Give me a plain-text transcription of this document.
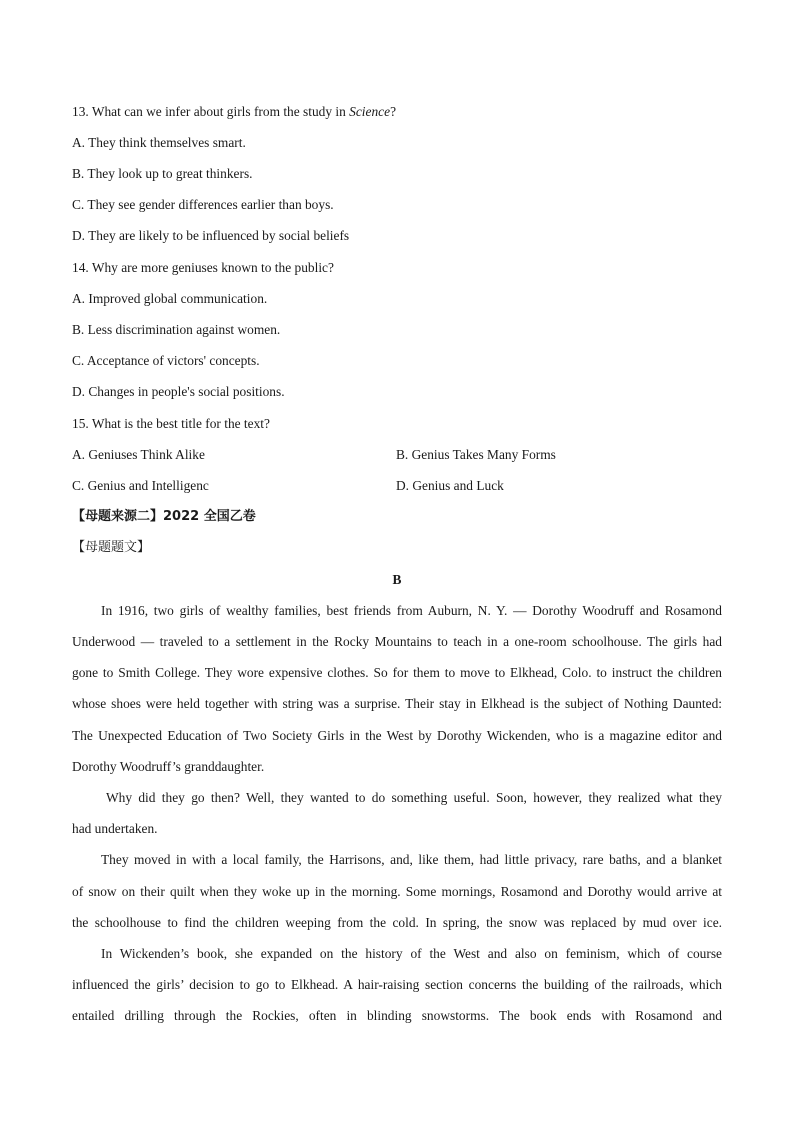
13. What can we infer about girls from the study in Science?
A. They think themselves smart.
B. They look up to great thinkers.
C. They see gender differences earlier than boys.
D. They are likely to be influenced by social beliefs
14. Why are more geniuses known to the public?
A. Improved global communication.
B. Less discrimination against women.
C. Acceptance of victors' concepts.
D. Changes in people's social positions.
15. What is the best title for the text?
A. Geniuses Think Alike	B. Genius Takes Many Forms
C. Genius and Intelligenc	D. Genius and Luck
【母题来源二】2022 全国乙卷
【母题题文】
B
In 1916, two girls of wealthy families, best friends from Auburn, N. Y. — Dorothy Woodruff and Rosamond
Underwood — traveled to a settlement in the Rocky Mountains to teach in a one-room schoolhouse. The girls had
gone to Smith College. They wore expensive clothes. So for them to move to Elkhead, Colo. to instruct the children
whose shoes were held together with string was a surprise. Their stay in Elkhead is the subject of Nothing Daunted:
The Unexpected Education of Two Society Girls in the West by Dorothy Wickenden, who is a magazine editor and
Dorothy Woodruff’s granddaughter.
Why did they go then? Well, they wanted to do something useful. Soon, however, they realized what they
had undertaken.
They moved in with a local family, the Harrisons, and, like them, had little privacy, rare baths, and a blanket
of snow on their quilt when they woke up in the morning. Some mornings, Rosamond and Dorothy would arrive at
the schoolhouse to find the children weeping from the cold. In spring, the snow was replaced by mud over ice.
In Wickenden’s book, she expanded on the history of the West and also on feminism, which of course
influenced the girls’ decision to go to Elkhead. A hair-raising section concerns the building of the railroads, which
entailed drilling through the Rockies, often in blinding snowstorms. The book ends with Rosamond and
